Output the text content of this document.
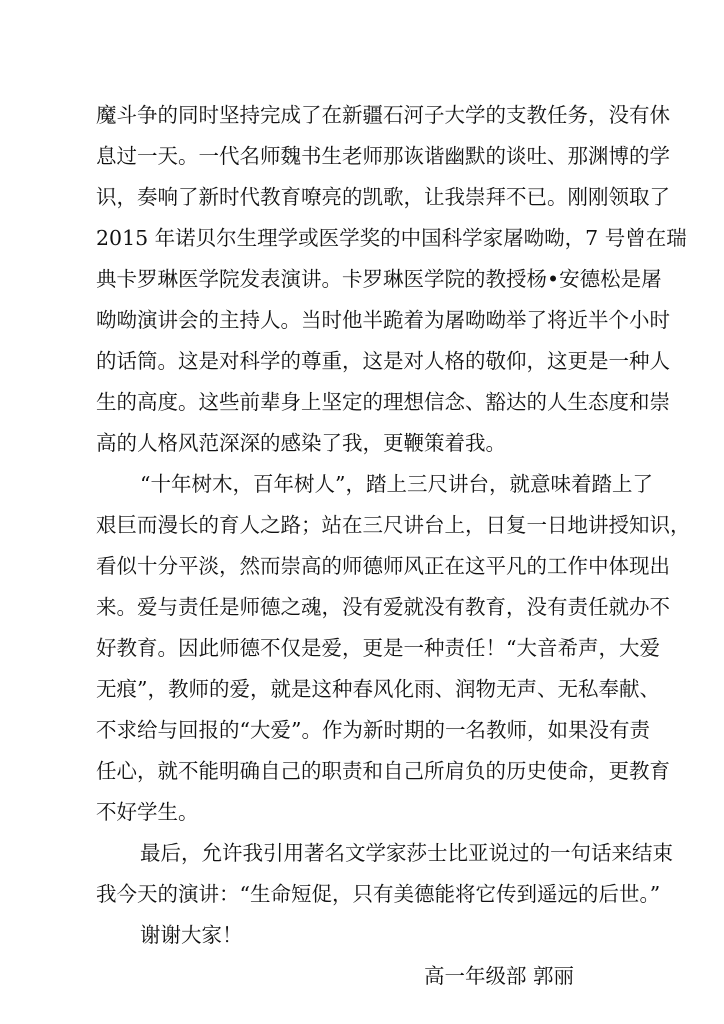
魔斗争的同时坚持完成了在新疆石河子大学的支教任务，没有休

息过一天。一代名师魏书生老师那诙谐幽默的谈吐、那渊博的学

识，奏响了新时代教育嘹亮的凯歌，让我崇拜不已。刚刚领取了

2015 年诺贝尔生理学或医学奖的中国科学家屠呦呦，7 号曾在瑞

典卡罗琳医学院发表演讲。卡罗琳医学院的教授杨•安德松是屠

呦呦演讲会的主持人。当时他半跪着为屠呦呦举了将近半个小时

的话筒。这是对科学的尊重，这是对人格的敬仰，这更是一种人

生的高度。这些前辈身上坚定的理想信念、豁达的人生态度和崇

高的人格风范深深的感染了我，更鞭策着我。

“十年树木，百年树人”，踏上三尺讲台，就意味着踏上了

艰巨而漫长的育人之路；站在三尺讲台上，日复一日地讲授知识，

看似十分平淡，然而崇高的师德师风正在这平凡的工作中体现出

来。爱与责任是师德之魂，没有爱就没有教育，没有责任就办不

好教育。因此师德不仅是爱，更是一种责任！“大音希声，大爱

无痕”，教师的爱，就是这种春风化雨、润物无声、无私奉献、

不求给与回报的“大爱”。作为新时期的一名教师，如果没有责

任心，就不能明确自己的职责和自己所肩负的历史使命，更教育

不好学生。

最后，允许我引用著名文学家莎士比亚说过的一句话来结束

我今天的演讲：“生命短促，只有美德能将它传到遥远的后世。”

谢谢大家！

高一年级部 郭丽
